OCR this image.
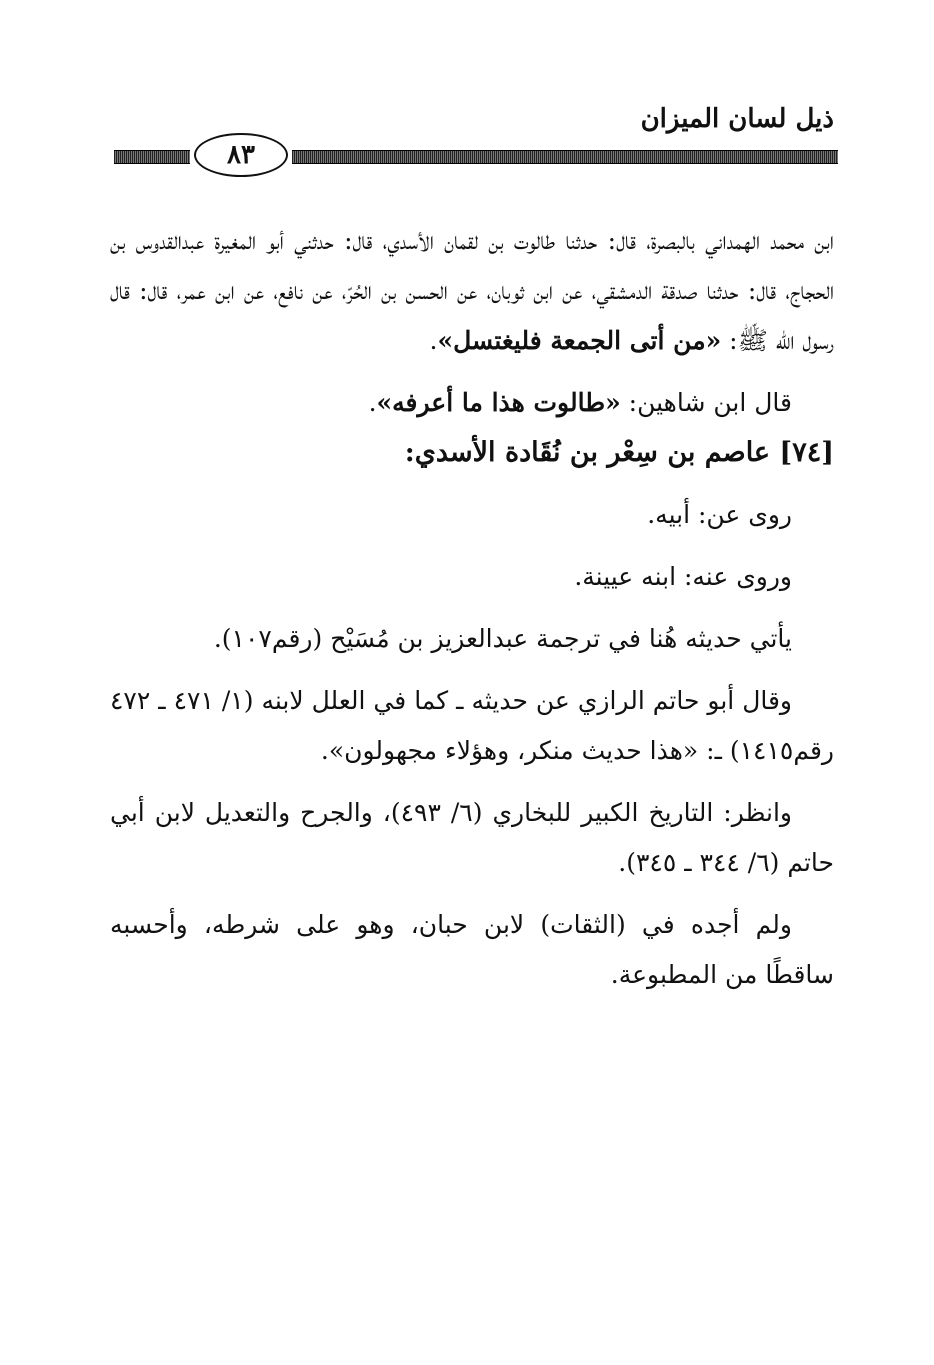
ذيل لسان الميزان
٨٣

ابن محمد الهمداني بالبصرة، قال: حدثنا طالوت بن لقمان الأسدي، قال: حدثني أبو المغيرة عبدالقدوس بن الحجاج، قال: حدثنا صدقة الدمشقي، عن ابن ثوبان، عن الحسن بن الحُرّ، عن نافع، عن ابن عمر، قال: قال رسول الله ﷺ: «من أتى الجمعة فليغتسل».

قال ابن شاهين: «طالوت هذا ما أعرفه».

[٧٤] عاصم بن سِعْر بن نُقَادة الأسدي:

روى عن: أبيه.

وروى عنه: ابنه عيينة.

يأتي حديثه هُنا في ترجمة عبدالعزيز بن مُسَيْح (رقم١٠٧).

وقال أبو حاتم الرازي عن حديثه ـ كما في العلل لابنه (١/ ٤٧١ ـ ٤٧٢ رقم١٤١٥) ـ: «هذا حديث منكر، وهؤلاء مجهولون».

وانظر: التاريخ الكبير للبخاري (٦/ ٤٩٣)، والجرح والتعديل لابن أبي حاتم (٦/ ٣٤٤ ـ ٣٤٥).

ولم أجده في (الثقات) لابن حبان، وهو على شرطه، وأحسبه ساقطًا من المطبوعة.
